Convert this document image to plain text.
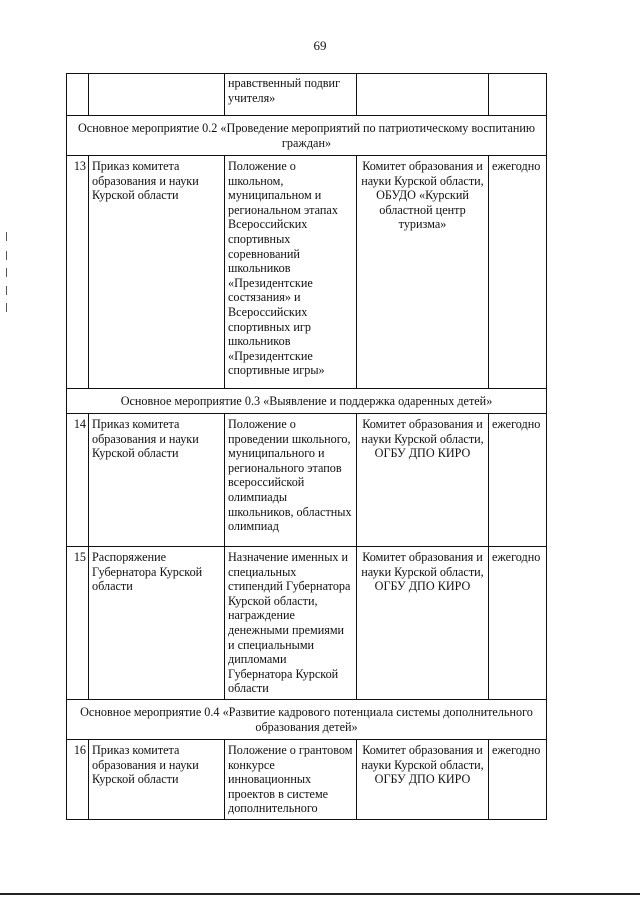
69
		нравственный подвиг учителя»		
Основное мероприятие 0.2 «Проведение мероприятий по патриотическому воспитанию граждан»				
13	Приказ комитета образования и науки Курской области	Положение о школьном, муниципальном и региональном этапах Всероссийских спортивных соревнований школьников «Президентские состязания» и Всероссийских спортивных игр школьников «Президентские спортивные игры»	Комитет образования и науки Курской области, ОБУДО «Курский областной центр туризма»	ежегодно
Основное мероприятие 0.3 «Выявление и поддержка одаренных детей»				
14	Приказ комитета образования и науки Курской области	Положение о проведении школьного, муниципального и регионального этапов всероссийской олимпиады школьников, областных олимпиад	Комитет образования и науки Курской области, ОГБУ ДПО КИРО	ежегодно
15	Распоряжение Губернатора Курской области	Назначение именных и специальных стипендий Губернатора Курской области, награждение денежными премиями и специальными дипломами Губернатора Курской области	Комитет образования и науки Курской области, ОГБУ ДПО КИРО	ежегодно
Основное мероприятие 0.4 «Развитие кадрового потенциала системы дополнительного образования детей»				
16	Приказ комитета образования и науки Курской области	Положение о грантовом конкурсе инновационных проектов в системе дополнительного	Комитет образования и науки Курской области, ОГБУ ДПО КИРО	ежегодно
